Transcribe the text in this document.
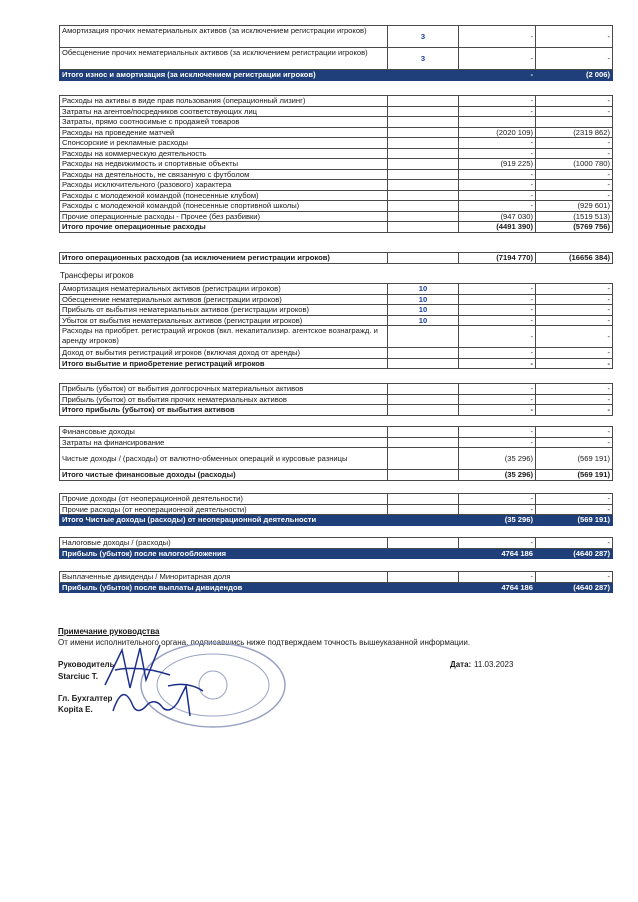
Амортизация прочих нематериальных активов (за исключением регистрации игроков)	3	-	-
Обесценение прочих нематериальных активов (за исключением регистрации игроков)	3	-	-
Итого износ и амортизация (за исключением регистрации игроков)		-	(2 006)
Расходы на активы в виде прав пользования (операционный лизинг)		-	-
Затраты на агентов/посредников соответствующих лиц		-	-
Затраты, прямо соотносимые с продажей товаров			
Расходы на проведение матчей		(2020 109)	(2319 862)
Спонсорские и рекламные расходы		-	-
Расходы на коммерческую деятельность		-	-
Расходы на недвижимость и спортивные объекты		(919 225)	(1000 780)
Расходы на деятельность, не связанную с футболом		-	-
Расходы исключительного (разового) характера		-	-
Расходы с молодежной командой (понесенные клубом)		-	-
Расходы с молодежной командой (понесенные спортивной школы)		-	(929 601)
Прочие операционные расходы - Прочее (без разбивки)		(947 030)	(1519 513)
Итого прочие операционные расходы		(4491 390)	(5769 756)
Итого операционных расходов (за исключением регистрации игроков)		(7194 770)	(16656 384)
Трансферы игроков
Амортизация нематериальных активов (регистрации игроков)	10	-	-
Обесценение нематериальных активов (регистрации игроков)	10	-	-
Прибыль от выбытия нематериальных активов (регистрации игроков)	10	-	-
Убыток от выбытия нематериальных активов (регистрации игроков)	10	-	-
Расходы на приобрет. регистраций игроков (вкл. некапитализир. агентское вознагражд. и аренду игроков)		-	-
Доход от выбытия регистраций игроков (включая доход от аренды)		-	-
Итого выбытие и приобретение регистраций игроков		-	-
Прибыль (убыток) от выбытия долгосрочных материальных активов		-	-
Прибыль (убыток) от выбытия прочих нематериальных активов		-	-
Итого прибыль (убыток) от выбытия активов		-	-
Финансовые доходы		-	-
Затраты на финансирование		-	-
Чистые доходы / (расходы) от валютно-обменных операций и курсовые разницы		(35 296)	(569 191)
Итого чистые финансовые доходы (расходы)		(35 296)	(569 191)
Прочие доходы (от неоперационной деятельности)		-	-
Прочие расходы (от неоперационной деятельности)		-	-
Итого Чистые доходы (расходы) от неоперационной деятельности		(35 296)	(569 191)
Налоговые доходы / (расходы)		-	-
Прибыль (убыток) после налогообложения		4764 186	(4640 287)
Выплаченные дивиденды / Миноритарная доля		-	-
Прибыль (убыток) после выплаты дивидендов		4764 186	(4640 287)
Примечание руководства
От имени исполнительного органа, подписавшись ниже подтверждаем точность вышеуказанной информации.
Руководитель
Starciuc T.
Дата: 11.03.2023
Гл. Бухгалтер
Kopita E.
